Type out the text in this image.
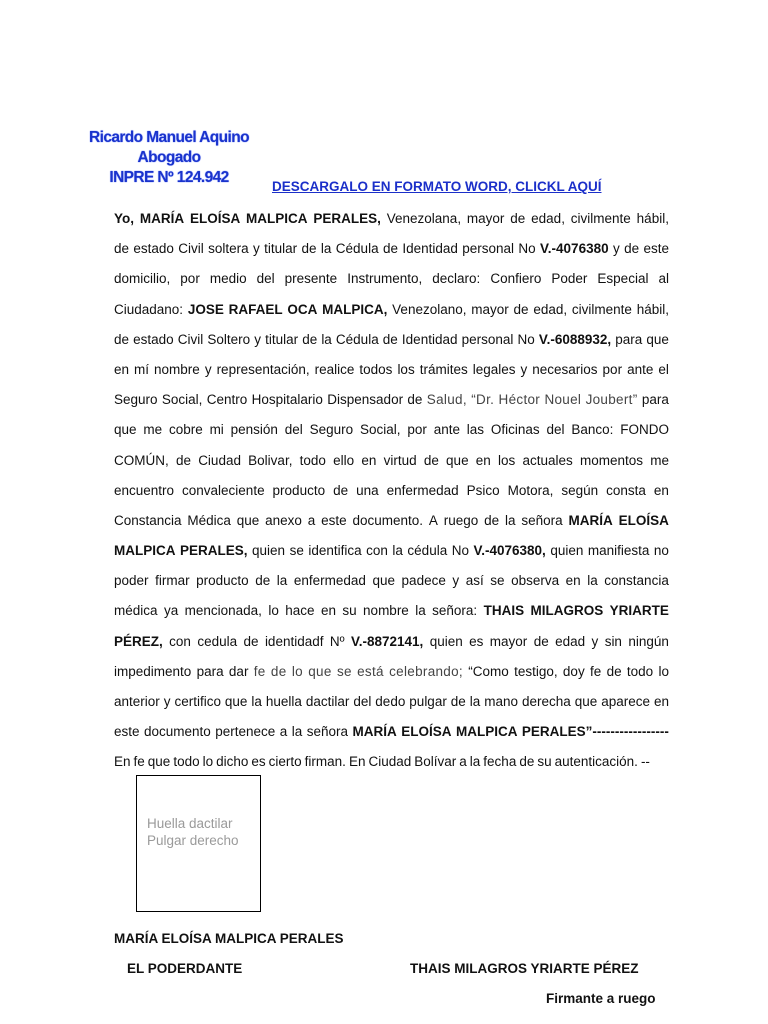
Ricardo Manuel Aquino
Abogado
INPRE Nº 124.942
DESCARGALO EN FORMATO WORD, CLICKL AQUÍ
Yo, MARÍA ELOÍSA MALPICA PERALES, Venezolana, mayor de edad, civilmente hábil,
de estado Civil soltera y titular de la Cédula de Identidad personal No V.-4076380 y de este
domicilio, por medio del presente Instrumento, declaro: Confiero Poder Especial al
Ciudadano: JOSE RAFAEL OCA MALPICA, Venezolano, mayor de edad, civilmente hábil,
de estado Civil Soltero y titular de la Cédula de Identidad personal No V.-6088932, para que
en mí nombre y representación, realice todos los trámites legales y necesarios por ante el
Seguro Social, Centro Hospitalario Dispensador de Salud, “Dr. Héctor Nouel Joubert” para
que me cobre mi pensión del Seguro Social, por ante las Oficinas del Banco: FONDO
COMÚN, de Ciudad Bolivar, todo ello en virtud de que en los actuales momentos me
encuentro convaleciente producto de una enfermedad Psico Motora, según consta en
Constancia Médica que anexo a este documento. A ruego de la señora MARÍA ELOÍSA
MALPICA PERALES, quien se identifica con la cédula No V.-4076380, quien manifiesta no
poder firmar producto de la enfermedad que padece y así se observa en la constancia
médica ya mencionada, lo hace en su nombre la señora: THAIS MILAGROS YRIARTE
PÉREZ, con cedula de identidadf Nº V.-8872141, quien es mayor de edad y sin ningún
impedimento para dar fe de lo que se está celebrando; “Como testigo, doy fe de todo lo
anterior y certifico que la huella dactilar del dedo pulgar de la mano derecha que aparece en
este documento pertenece a la señora MARÍA ELOÍSA MALPICA PERALES”-----------------
En fe que todo lo dicho es cierto firman. En Ciudad Bolívar a la fecha de su autenticación. --
Huella dactilar
Pulgar derecho
MARÍA ELOÍSA MALPICA PERALES
EL PODERDANTE	THAIS MILAGROS YRIARTE PÉREZ
Firmante a ruego
